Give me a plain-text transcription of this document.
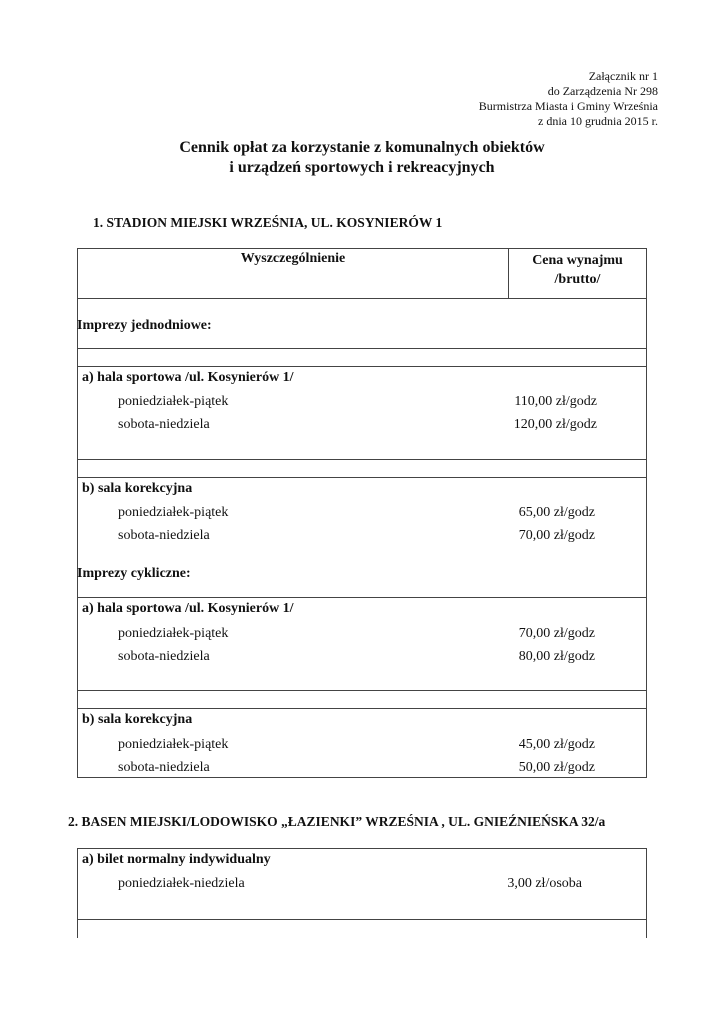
Załącznik nr 1
do Zarządzenia Nr 298
Burmistrza Miasta i Gminy Września
z dnia 10 grudnia 2015 r.
Cennik opłat za korzystanie z komunalnych obiektów
i urządzeń sportowych i rekreacyjnych
1. STADION MIEJSKI WRZEŚNIA, UL. KOSYNIERÓW 1
Wyszczególnienie	Cena wynajmu
/brutto/
Imprezy jednodniowe:
a) hala sportowa /ul. Kosynierów 1/
poniedziałek-piątek	110,00 zł/godz
sobota-niedziela	120,00 zł/godz
b) sala korekcyjna
poniedziałek-piątek	65,00 zł/godz
sobota-niedziela	70,00 zł/godz
Imprezy cykliczne:
a) hala sportowa /ul. Kosynierów 1/
poniedziałek-piątek	70,00 zł/godz
sobota-niedziela	80,00 zł/godz
b) sala korekcyjna
poniedziałek-piątek	45,00 zł/godz
sobota-niedziela	50,00 zł/godz
2. BASEN MIEJSKI/LODOWISKO „ŁAZIENKI” WRZEŚNIA , UL. GNIEŹNIEŃSKA 32/a
a) bilet normalny indywidualny
poniedziałek-niedziela	3,00 zł/osoba
